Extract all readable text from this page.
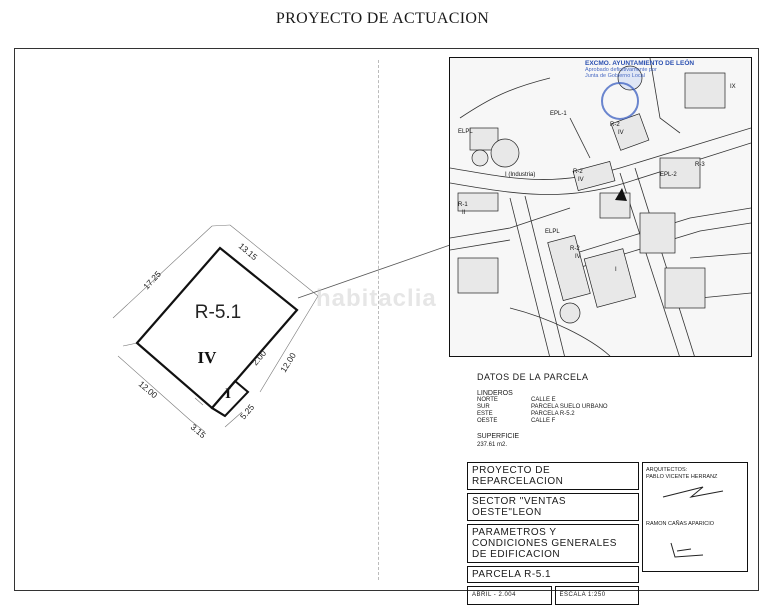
PROYECTO DE ACTUACION
17.25
13.15
12.00
2.00
5.25
3.15
12.00
R-5.1
IV
I
EPL-1
ELPL
R-2
IV
R-2
IV
EPL-2
R-3
IX
R-1
II
I (Industria)
ELPL
R-2
IV
I
EXCMO. AYUNTAMIENTO DE LEÓN
Aprobado definitivamente por
Junta de Gobierno Local
habitaclia
DATOS DE LA PARCELA
LINDEROS
NORTE	CALLE E
SUR	PARCELA SUELO URBANO
ESTE	PARCELA R-5.2
OESTE	CALLE F
SUPERFICIE
237.61 m2.
PROYECTO DE REPARCELACION
SECTOR "VENTAS OESTE"LEON
PARAMETROS Y CONDICIONES GENERALES DE EDIFICACION
PARCELA R-5.1
ABRIL - 2.004	ESCALA 1:250
ARQUITECTOS:
PABLO VICENTE HERRANZ
RAMON CAÑAS APARICIO
